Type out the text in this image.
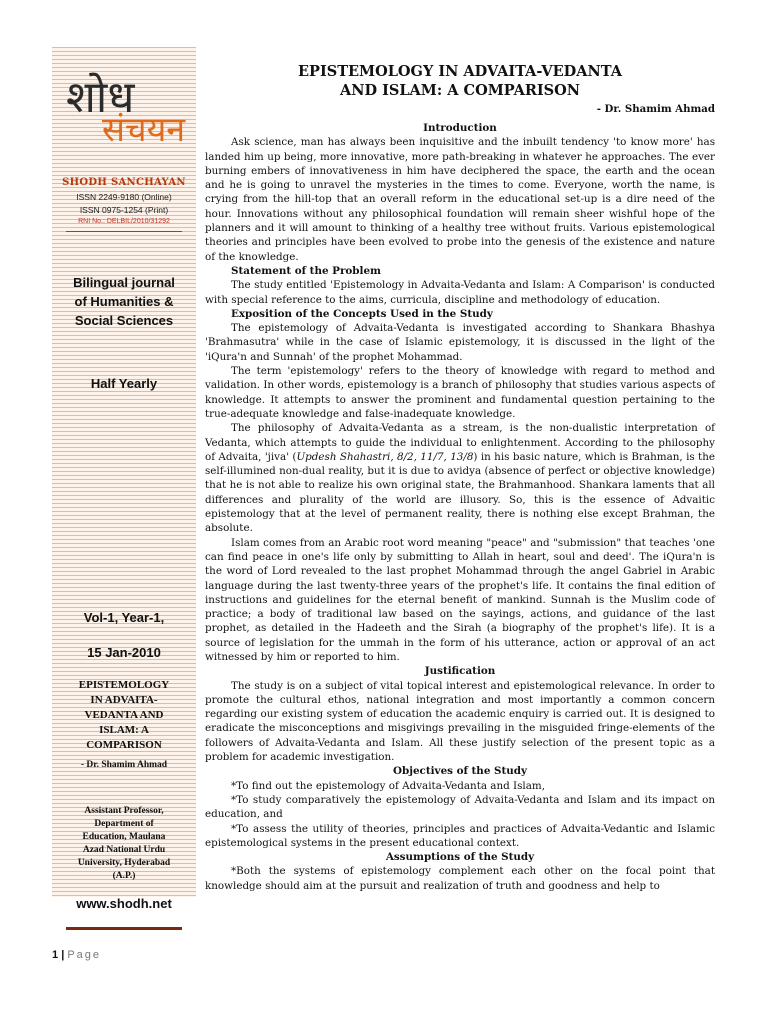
शोध
संचयन
SHODH SANCHAYAN
ISSN 2249-9180 (Online)
ISSN 0975-1254 (Print)
RNI No.: DELBIL/2010/31292
Bilingual journal
of Humanities &
Social Sciences
Half Yearly
Vol-1, Year-1,
15 Jan-2010
EPISTEMOLOGY
IN ADVAITA-
VEDANTA AND
ISLAM: A
COMPARISON
- Dr. Shamim Ahmad
Assistant Professor,
Department of
Education, Maulana
Azad National Urdu
University, Hyderabad
(A.P.)
www.shodh.net
EPISTEMOLOGY IN ADVAITA-VEDANTA
AND ISLAM: A COMPARISON
- Dr. Shamim Ahmad

Introduction

Ask science, man has always been inquisitive and the inbuilt tendency 'to know more' has landed him up being, more innovative, more path-breaking in whatever he approaches. The ever burning embers of innovativeness in him have deciphered the space, the earth and the ocean and he is going to unravel the mysteries in the times to come. Everyone, worth the name, is crying from the hill-top that an overall reform in the educational set-up is a dire need of the hour. Innovations without any philosophical foundation will remain sheer wishful hope of the planners and it will amount to thinking of a healthy tree without fruits. Various epistemological theories and principles have been evolved to probe into the genesis of the existence and nature of the knowledge.

Statement of the Problem

The study entitled 'Epistemology in Advaita-Vedanta and Islam: A Comparison' is conducted with special reference to the aims, curricula, discipline and methodology of education.

Exposition of the Concepts Used in the Study

The epistemology of Advaita-Vedanta is investigated according to Shankara Bhashya 'Brahmasutra' while in the case of Islamic epistemology, it is discussed in the light of the 'iQura'n and Sunnah' of the prophet Mohammad.

The term 'epistemology' refers to the theory of knowledge with regard to method and validation. In other words, epistemology is a branch of philosophy that studies various aspects of knowledge. It attempts to answer the prominent and fundamental question pertaining to the true-adequate knowledge and false-inadequate knowledge.

The philosophy of Advaita-Vedanta as a stream, is the non-dualistic interpretation of Vedanta, which attempts to guide the individual to enlightenment. According to the philosophy of Advaita, 'jiva' (Updesh Shahastri, 8/2, 11/7, 13/8) in his basic nature, which is Brahman, is the self-illumined non-dual reality, but it is due to avidya (absence of perfect or objective knowledge) that he is not able to realize his own original state, the Brahmanhood. Shankara laments that all differences and plurality of the world are illusory. So, this is the essence of Advaitic epistemology that at the level of permanent reality, there is nothing else except Brahman, the absolute.

Islam comes from an Arabic root word meaning "peace" and "submission" that teaches 'one can find peace in one's life only by submitting to Allah in heart, soul and deed'. The iQura'n is the word of Lord revealed to the last prophet Mohammad through the angel Gabriel in Arabic language during the last twenty-three years of the prophet's life. It contains the final edition of instructions and guidelines for the eternal benefit of mankind. Sunnah is the Muslim code of practice; a body of traditional law based on the sayings, actions, and guidance of the last prophet, as detailed in the Hadeeth and the Sirah (a biography of the prophet's life). It is a source of legislation for the ummah in the form of his utterance, action or approval of an act witnessed by him or reported to him.

Justification

The study is on a subject of vital topical interest and epistemological relevance. In order to promote the cultural ethos, national integration and most importantly a common concern regarding our existing system of education the academic enquiry is carried out. It is designed to eradicate the misconceptions and misgivings prevailing in the misguided fringe-elements of the followers of Advaita-Vedanta and Islam. All these justify selection of the present topic as a problem for academic investigation.

Objectives of the Study

*To find out the epistemology of Advaita-Vedanta and Islam,

*To study comparatively the epistemology of Advaita-Vedanta and Islam and its impact on education, and

*To assess the utility of theories, principles and practices of Advaita-Vedantic and Islamic epistemological systems in the present educational context.

Assumptions of the Study

*Both the systems of epistemology complement each other on the focal point that knowledge should aim at the pursuit and realization of truth and goodness and help to

1 | Page
